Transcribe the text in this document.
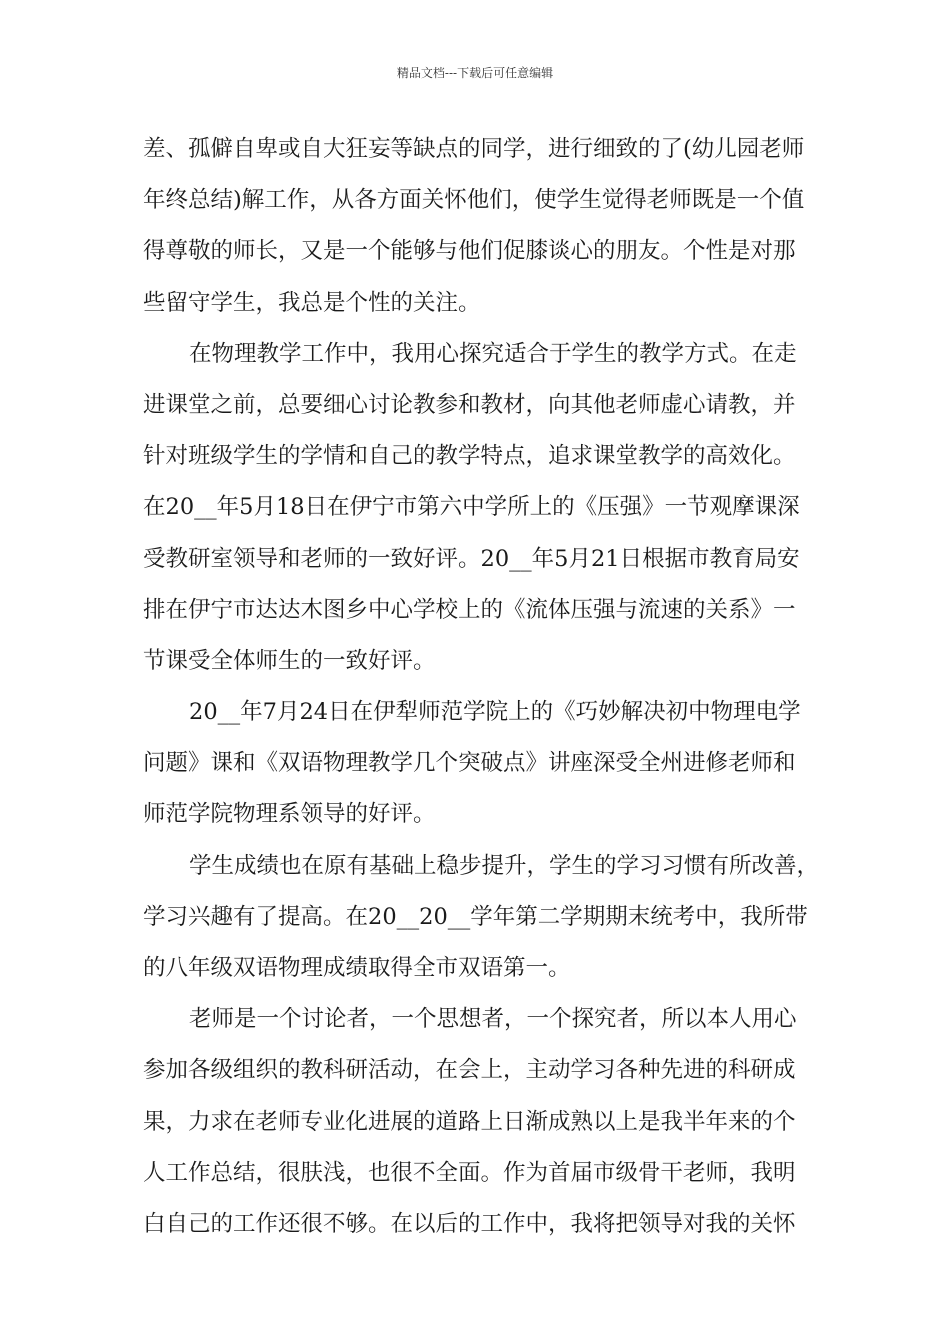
精品文档---下载后可任意编辑
差、孤僻自卑或自大狂妄等缺点的同学，进行细致的了(幼儿园老师
年终总结)解工作，从各方面关怀他们，使学生觉得老师既是一个值
得尊敬的师长，又是一个能够与他们促膝谈心的朋友。个性是对那
些留守学生，我总是个性的关注。
在物理教学工作中，我用心探究适合于学生的教学方式。在走
进课堂之前，总要细心讨论教参和教材，向其他老师虚心请教，并
针对班级学生的学情和自己的教学特点，追求课堂教学的高效化。
在20__年5月18日在伊宁市第六中学所上的《压强》一节观摩课深
受教研室领导和老师的一致好评。20__年5月21日根据市教育局安
排在伊宁市达达木图乡中心学校上的《流体压强与流速的关系》一
节课受全体师生的一致好评。
20__年7月24日在伊犁师范学院上的《巧妙解决初中物理电学
问题》课和《双语物理教学几个突破点》讲座深受全州进修老师和
师范学院物理系领导的好评。
学生成绩也在原有基础上稳步提升，学生的学习习惯有所改善，
学习兴趣有了提高。在20__20__学年第二学期期末统考中，我所带
的八年级双语物理成绩取得全市双语第一。
老师是一个讨论者，一个思想者，一个探究者，所以本人用心
参加各级组织的教科研活动，在会上，主动学习各种先进的科研成
果，力求在老师专业化进展的道路上日渐成熟以上是我半年来的个
人工作总结，很肤浅，也很不全面。作为首届市级骨干老师，我明
白自己的工作还很不够。在以后的工作中，我将把领导对我的关怀
